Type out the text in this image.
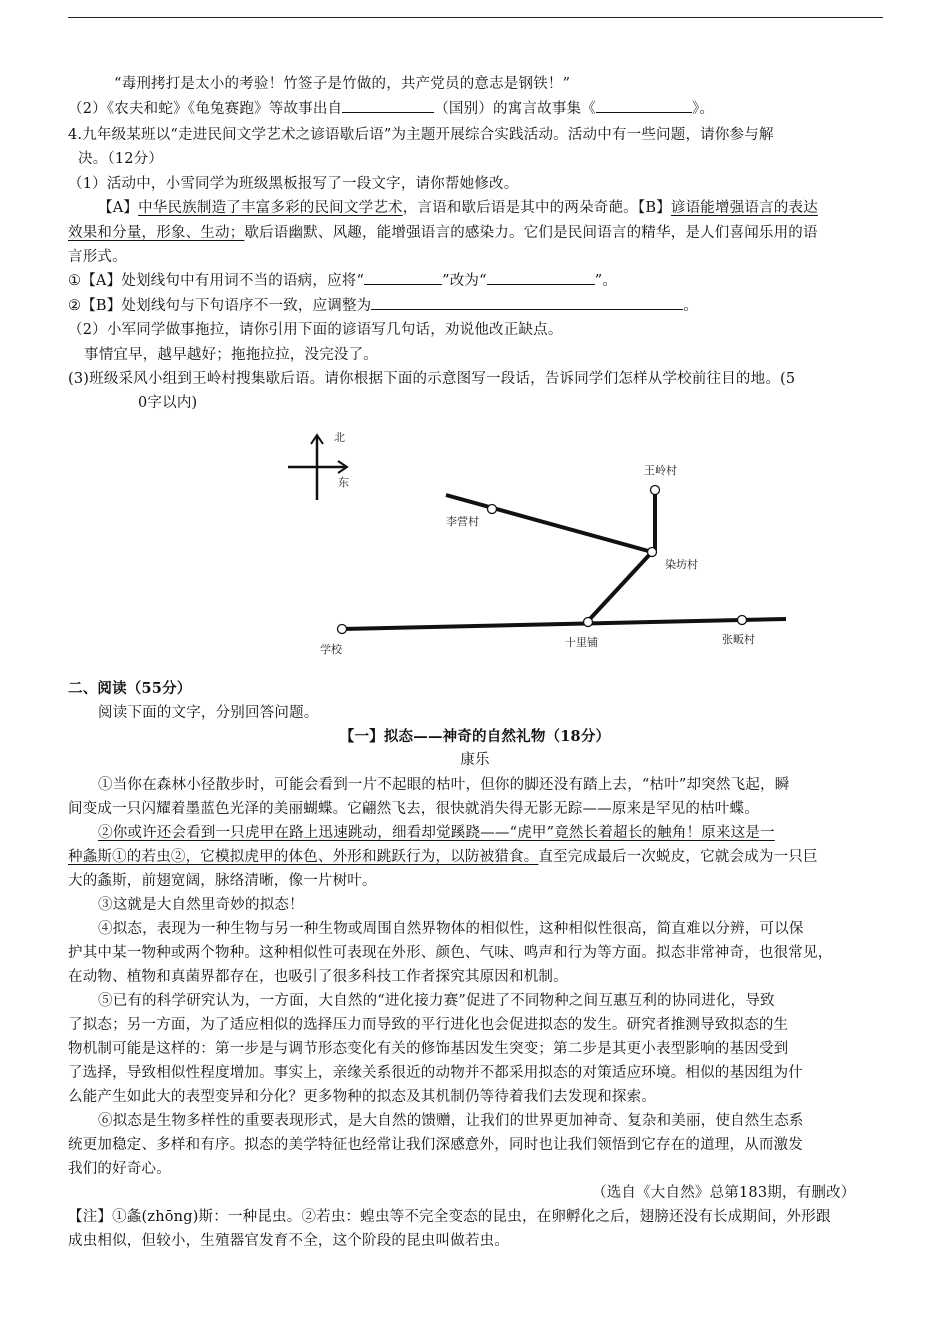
“毒刑拷打是太小的考验！竹签子是竹做的，共产党员的意志是钢铁！”
（2）《农夫和蛇》《龟兔赛跑》等故事出自	（国别）的寓言故事集《	》。
4.九年级某班以“走进民间文学艺术之谚语歇后语”为主题开展综合实践活动。活动中有一些问题，请你参与解
决。（12分）
（1）活动中，小雪同学为班级黑板报写了一段文字，请你帮她修改。
【A】中华民族制造了丰富多彩的民间文学艺术，言语和歇后语是其中的两朵奇葩。【B】谚语能增强语言的表达
效果和分量，形象、生动；歇后语幽默、风趣，能增强语言的感染力。它们是民间语言的精华，是人们喜闻乐用的语
言形式。
①【A】处划线句中有用词不当的语病，应将“	”改为“	”。
②【B】处划线句与下句语序不一致，应调整为	。
（2）小军同学做事拖拉，请你引用下面的谚语写几句话，劝说他改正缺点。
事情宜早，越早越好；拖拖拉拉，没完没了。
(3)班级采风小组到王岭村搜集歇后语。请你根据下面的示意图写一段话，告诉同学们怎样从学校前往目的地。(5
0字以内)
北
东
王岭村
李营村
染坊村
学校
十里铺	张畈村
二、阅读（55分）
阅读下面的文字，分别回答问题。
【一】拟态——神奇的自然礼物（18分）
康乐
①当你在森林小径散步时，可能会看到一片不起眼的枯叶，但你的脚还没有踏上去，“枯叶”却突然飞起，瞬
间变成一只闪耀着墨蓝色光泽的美丽蝴蝶。它翩然飞去，很快就消失得无影无踪——原来是罕见的枯叶蝶。
②你或许还会看到一只虎甲在路上迅速跳动，细看却觉蹊跷——“虎甲”竟然长着超长的触角！原来这是一
种螽斯①的若虫②，它模拟虎甲的体色、外形和跳跃行为，以防被猎食。直至完成最后一次蜕皮，它就会成为一只巨
大的螽斯，前翅宽阔，脉络清晰，像一片树叶。
③这就是大自然里奇妙的拟态！
④拟态，表现为一种生物与另一种生物或周围自然界物体的相似性，这种相似性很高，简直难以分辨，可以保
护其中某一物种或两个物种。这种相似性可表现在外形、颜色、气味、鸣声和行为等方面。拟态非常神奇，也很常见，
在动物、植物和真菌界都存在，也吸引了很多科技工作者探究其原因和机制。
⑤已有的科学研究认为，一方面，大自然的“进化接力赛”促进了不同物种之间互惠互利的协同进化，导致
了拟态；另一方面，为了适应相似的选择压力而导致的平行进化也会促进拟态的发生。研究者推测导致拟态的生
物机制可能是这样的：第一步是与调节形态变化有关的修饰基因发生突变；第二步是其更小表型影响的基因受到
了选择，导致相似性程度增加。事实上，亲缘关系很近的动物并不都采用拟态的对策适应环境。相似的基因组为什
么能产生如此大的表型变异和分化？更多物种的拟态及其机制仍等待着我们去发现和探索。
⑥拟态是生物多样性的重要表现形式，是大自然的馈赠，让我们的世界更加神奇、复杂和美丽，使自然生态系
统更加稳定、多样和有序。拟态的美学特征也经常让我们深感意外，同时也让我们领悟到它存在的道理，从而激发
我们的好奇心。
（选自《大自然》总第183期，有删改）
【注】①螽(zhōng)斯：一种昆虫。②若虫：蝗虫等不完全变态的昆虫，在卵孵化之后，翅膀还没有长成期间，外形跟
成虫相似，但较小，生殖器官发育不全，这个阶段的昆虫叫做若虫。
